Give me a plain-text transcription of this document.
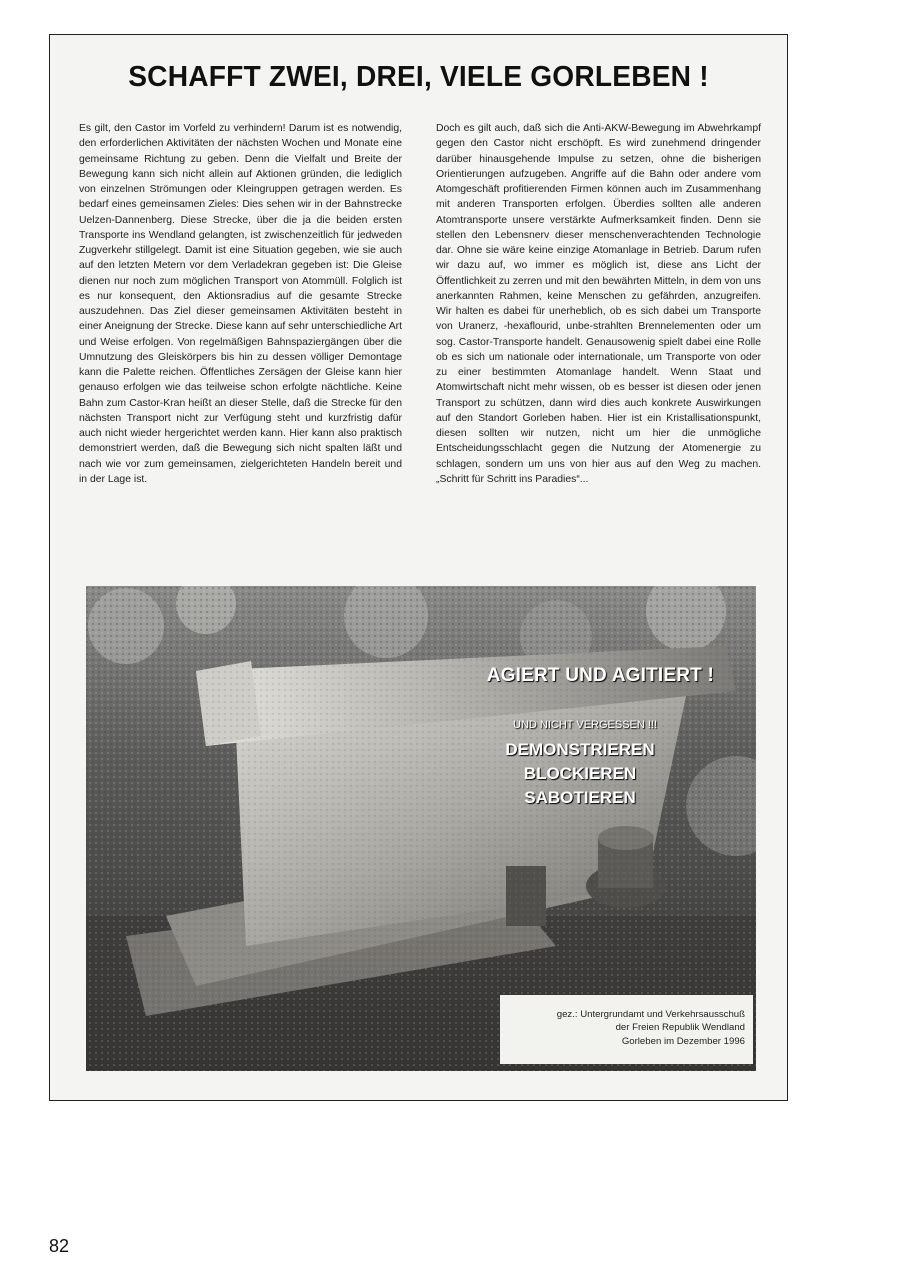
SCHAFFT ZWEI, DREI, VIELE GORLEBEN !
Es gilt, den Castor im Vorfeld zu verhindern! Darum ist es notwendig, den erforderlichen Aktivitäten der nächsten Wochen und Monate eine gemeinsame Richtung zu geben. Denn die Vielfalt und Breite der Bewegung kann sich nicht allein auf Aktionen gründen, die lediglich von einzelnen Strömungen oder Kleingruppen getragen werden. Es bedarf eines gemeinsamen Zieles: Dies sehen wir in der Bahnstrecke Uelzen-Dannenberg. Diese Strecke, über die ja die beiden ersten Transporte ins Wendland gelangten, ist zwischenzeitlich für jedweden Zugverkehr stillgelegt. Damit ist eine Situation gegeben, wie sie auch auf den letzten Metern vor dem Verladekran gegeben ist: Die Gleise dienen nur noch zum möglichen Transport von Atommüll. Folglich ist es nur konsequent, den Aktionsradius auf die gesamte Strecke auszudehnen. Das Ziel dieser gemeinsamen Aktivitäten besteht in einer Aneignung der Strecke. Diese kann auf sehr unterschiedliche Art und Weise erfolgen. Von regelmäßigen Bahnspaziergängen über die Umnutzung des Gleiskörpers bis hin zu dessen völliger Demontage kann die Palette reichen. Öffentliches Zersägen der Gleise kann hier genauso erfolgen wie das teilweise schon erfolgte nächtliche. Keine Bahn zum Castor-Kran heißt an dieser Stelle, daß die Strecke für den nächsten Transport nicht zur Verfügung steht und kurzfristig dafür auch nicht wieder hergerichtet werden kann. Hier kann also praktisch demonstriert werden, daß die Bewegung sich nicht spalten läßt und nach wie vor zum gemeinsamen, zielgerichteten Handeln bereit und in der Lage ist.
Doch es gilt auch, daß sich die Anti-AKW-Bewegung im Abwehrkampf gegen den Castor nicht erschöpft. Es wird zunehmend dringender darüber hinausgehende Impulse zu setzen, ohne die bisherigen Orientierungen aufzugeben. Angriffe auf die Bahn oder andere vom Atomgeschäft profitierenden Firmen können auch im Zusammenhang mit anderen Transporten erfolgen. Überdies sollten alle anderen Atomtransporte unsere verstärkte Aufmerksamkeit finden. Denn sie stellen den Lebensnerv dieser menschenverachtenden Technologie dar. Ohne sie wäre keine einzige Atomanlage in Betrieb. Darum rufen wir dazu auf, wo immer es möglich ist, diese ans Licht der Öffentlichkeit zu zerren und mit den bewährten Mitteln, in dem von uns anerkannten Rahmen, keine Menschen zu gefährden, anzugreifen. Wir halten es dabei für unerheblich, ob es sich dabei um Transporte von Uranerz, -hexaflourid, unbe-strahlten Brennelementen oder um sog. Castor-Transporte handelt. Genausowenig spielt dabei eine Rolle ob es sich um nationale oder internationale, um Transporte von oder zu einer bestimmten Atomanlage handelt. Wenn Staat und Atomwirtschaft nicht mehr wissen, ob es besser ist diesen oder jenen Transport zu schützen, dann wird dies auch konkrete Auswirkungen auf den Standort Gorleben haben. Hier ist ein Kristallisationspunkt, diesen sollten wir nutzen, nicht um hier die unmögliche Entscheidungsschlacht gegen die Nutzung der Atomenergie zu schlagen, sondern um uns von hier aus auf den Weg zu machen. „Schritt für Schritt ins Paradies“...
AGIERT UND AGITIERT !
UND NICHT VERGESSEN !!!
DEMONSTRIEREN
BLOCKIEREN
SABOTIEREN
gez.: Untergrundamt und Verkehrsausschuß
der Freien Republik Wendland
Gorleben im Dezember 1996
82
